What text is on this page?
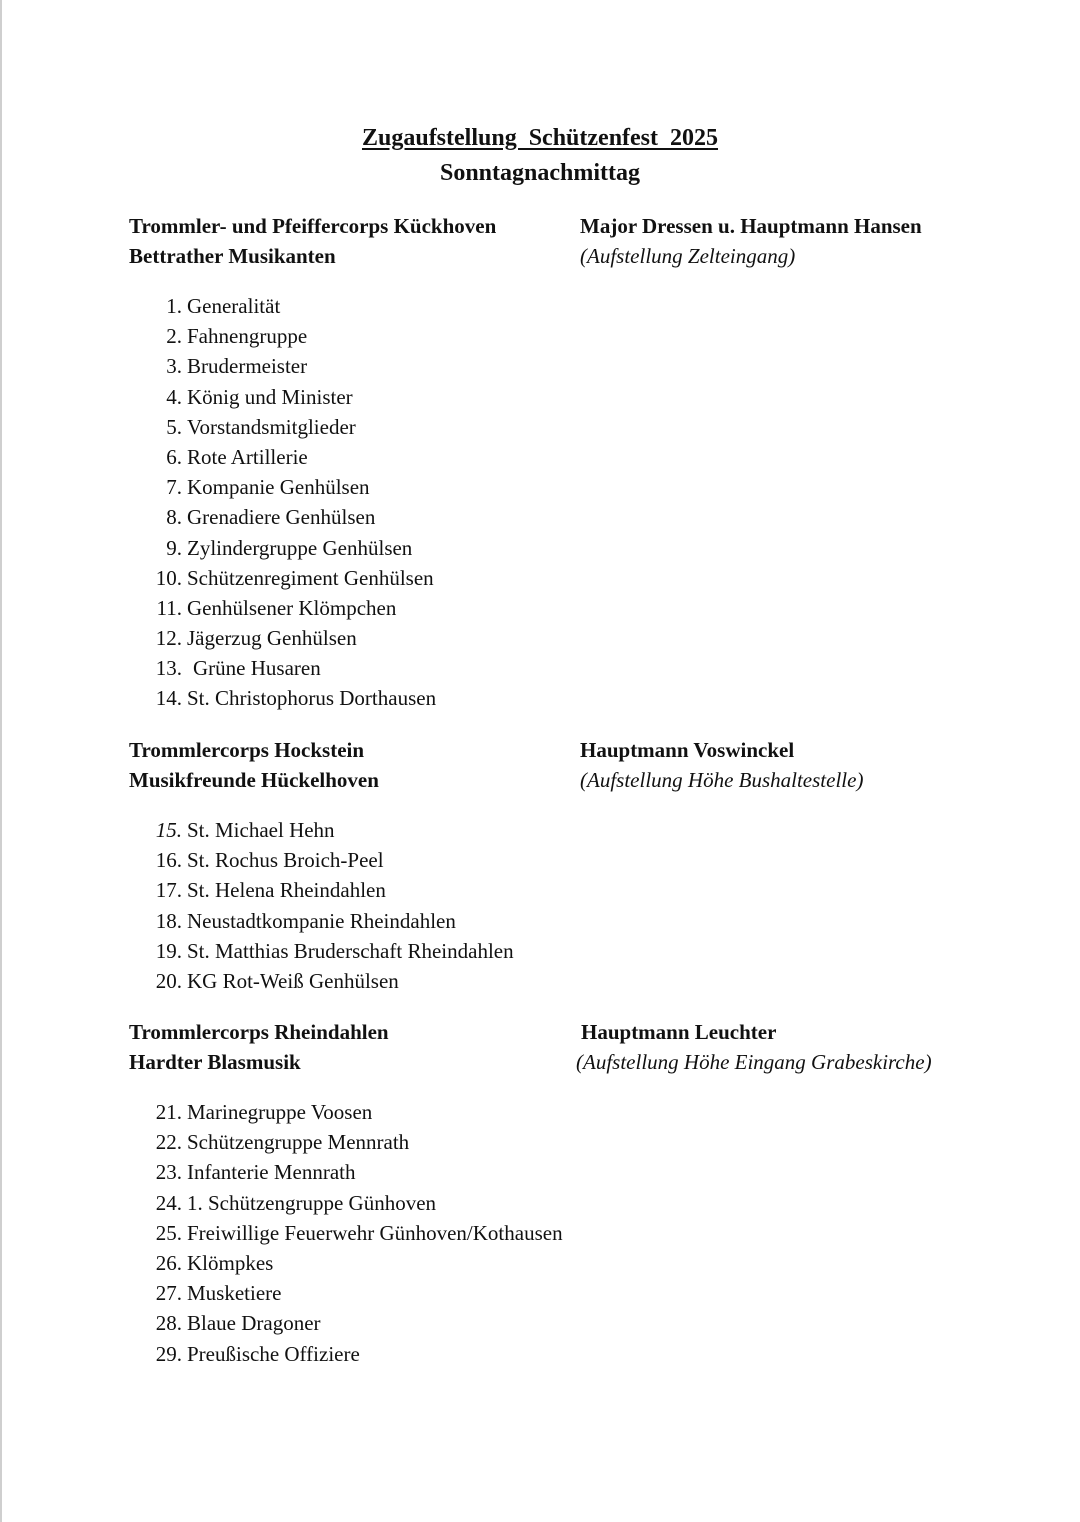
Zugaufstellung  Schützenfest  2025
Sonntagnachmittag
Trommler- und Pfeiffercorps Kückhoven
Bettrather Musikanten
Major Dressen u. Hauptmann Hansen
(Aufstellung Zelteingang)
1. Generalität
2. Fahnengruppe
3. Brudermeister
4. König und Minister
5. Vorstandsmitglieder
6. Rote Artillerie
7. Kompanie Genhülsen
8. Grenadiere Genhülsen
9. Zylindergruppe Genhülsen
10. Schützenregiment Genhülsen
11. Genhülsener Klömpchen
12. Jägerzug Genhülsen
13. Grüne Husaren
14. St. Christophorus Dorthausen
Trommlercorps Hockstein
Musikfreunde Hückelhoven
Hauptmann Voswinckel
(Aufstellung Höhe Bushaltestelle)
15. St. Michael Hehn
16. St. Rochus Broich-Peel
17. St. Helena Rheindahlen
18. Neustadtkompanie Rheindahlen
19. St. Matthias Bruderschaft Rheindahlen
20. KG Rot-Weiß Genhülsen
Trommlercorps Rheindahlen
Hardter Blasmusik
Hauptmann Leuchter
(Aufstellung Höhe Eingang Grabeskirche)
21. Marinegruppe Voosen
22. Schützengruppe Mennrath
23. Infanterie Mennrath
24. 1. Schützengruppe Günhoven
25. Freiwillige Feuerwehr Günhoven/Kothausen
26. Klömpkes
27. Musketiere
28. Blaue Dragoner
29. Preußische Offiziere
